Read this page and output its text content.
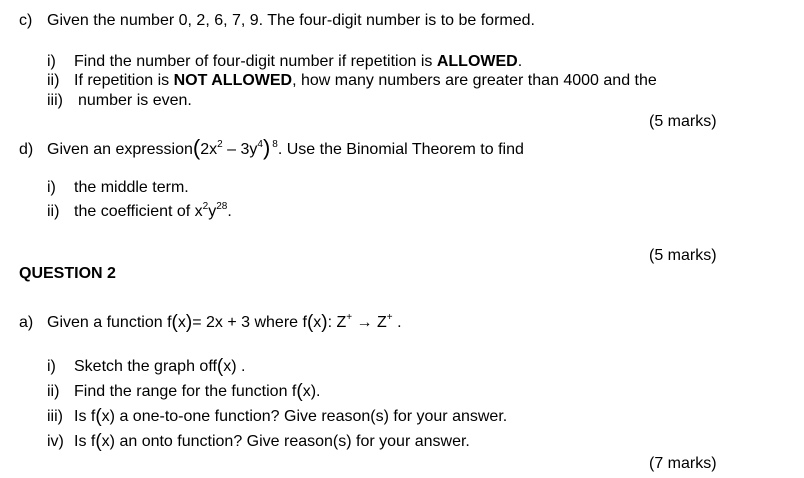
c) Given the number 0, 2, 6, 7, 9. The four-digit number is to be formed.
i) Find the number of four-digit number if repetition is ALLOWED.
ii) If repetition is NOT ALLOWED, how many numbers are greater than 4000 and the
iii) number is even.
(5 marks)
d) Given an $expression(2x^2 - 3y^4)$ $^8$. Use the Binomial Theorem to find
i) the middle term.
ii) the coefficient of $x^2y^{28}$.
(5 marks)
QUESTION 2
a) Given a function f(x)= 2x + 3 where f(x): Z+ → Z+ .
i) Sketch the graph off(x) .
ii) Find the range for the function f(x).
iii) Is f(x) a one-to-one function? Give reason(s) for your answer.
iv) Is f(x) an onto function? Give reason(s) for your answer.
(7 marks)
